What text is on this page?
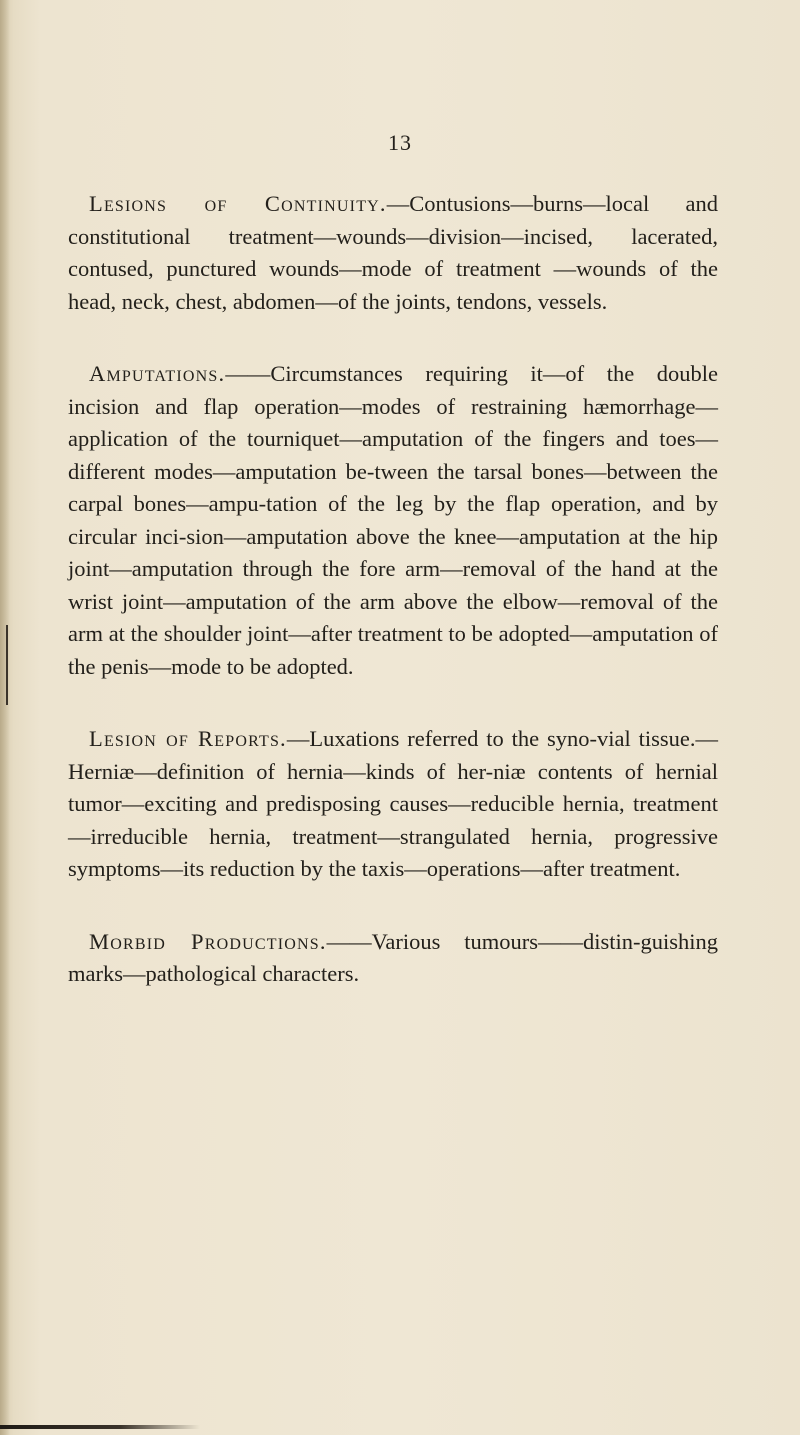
13

Lesions of Continuity.—Contusions—burns—local and constitutional treatment—wounds—division—incised, lacerated, contused, punctured wounds—mode of treatment —wounds of the head, neck, chest, abdomen—of the joints, tendons, vessels.

Amputations.——Circumstances requiring it—of the double incision and flap operation—modes of restraining hæmorrhage—application of the tourniquet—amputation of the fingers and toes—different modes—amputation be-tween the tarsal bones—between the carpal bones—ampu-tation of the leg by the flap operation, and by circular inci-sion—amputation above the knee—amputation at the hip joint—amputation through the fore arm—removal of the hand at the wrist joint—amputation of the arm above the elbow—removal of the arm at the shoulder joint—after treatment to be adopted—amputation of the penis—mode to be adopted.

Lesion of Reports.—Luxations referred to the syno-vial tissue.—Herniæ—definition of hernia—kinds of her-niæ contents of hernial tumor—exciting and predisposing causes—reducible hernia, treatment—irreducible hernia, treatment—strangulated hernia, progressive symptoms—its reduction by the taxis—operations—after treatment.

Morbid Productions.——Various tumours——distin-guishing marks—pathological characters.
